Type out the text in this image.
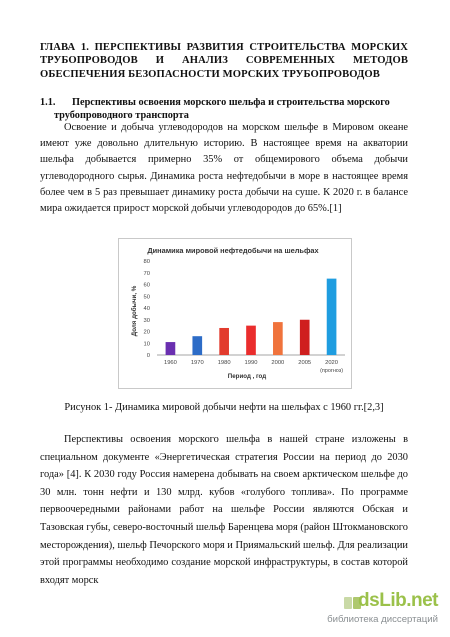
ГЛАВА 1. ПЕРСПЕКТИВЫ РАЗВИТИЯ СТРОИТЕЛЬСТВА МОРСКИХ ТРУБОПРОВОДОВ И АНАЛИЗ СОВРЕМЕННЫХ МЕТОДОВ ОБЕСПЕЧЕНИЯ БЕЗОПАСНОСТИ МОРСКИХ ТРУБОПРОВОДОВ
1.1. Перспективы освоения морского шельфа и строительства морского
трубопроводного транспорта
Освоение и добыча углеводородов на морском шельфе в Мировом океане имеют уже довольно длительную историю. В настоящее время на акватории шельфа добывается примерно 35% от общемирового объема добычи углеводородного сырья. Динамика роста нефтедобычи в море в настоящее время более чем в 5 раз превышает динамику роста добычи на суше. К 2020 г. в балансе мира ожидается прирост морской добычи углеводородов до 65%.[1]
Динамика мировой нефтедобычи на шельфах
Доля добычи, %
Период , год
0
10
20
30
40
50
60
70
80
1960 1970 1980 1990 2000 2005 2020
(прогноз)
Рисунок 1- Динамика мировой добычи нефти на шельфах с 1960 гг.[2,3]
Перспективы освоения морского шельфа в нашей стране изложены в специальном документе «Энергетическая стратегия России на период до 2030 года» [4]. К 2030 году Россия намерена добывать на своем арктическом шельфе до 30 млн. тонн нефти и 130 млрд. кубов «голубого топлива». По программе первоочередными районами работ на шельфе России являются Обская и Тазовская губы, северо-восточный шельф Баренцева моря (район Штокмановского месторождения), шельф Печорского моря и Приямальский шельф. Для реализации этой программы необходимо создание морской инфраструктуры, в состав которой входят морск
dsLib.net
библиотека диссертаций
